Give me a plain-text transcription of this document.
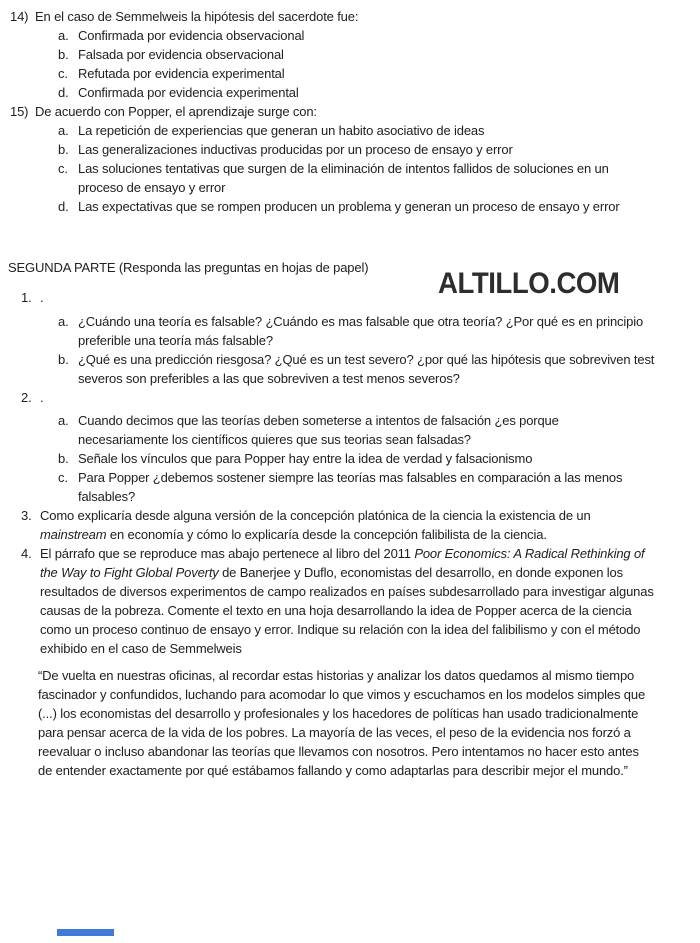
14) En el caso de Semmelweis la hipótesis del sacerdote fue:
a. Confirmada por evidencia observacional
b. Falsada por evidencia observacional
c. Refutada por evidencia experimental
d. Confirmada por evidencia experimental
15) De acuerdo con Popper, el aprendizaje surge con:
a. La repetición de experiencias que generan un habito asociativo de ideas
b. Las generalizaciones inductivas producidas por un proceso de ensayo y error
c. Las soluciones tentativas que surgen de la eliminación de intentos fallidos de soluciones en un
proceso de ensayo y error
d. Las expectativas que se rompen producen un problema y generan un proceso de ensayo y error
SEGUNDA PARTE (Responda las preguntas en hojas de papel)
1. .
a. ¿Cuándo una teoría es falsable? ¿Cuándo es mas falsable que otra teoría? ¿Por qué es en principio
preferible una teoría más falsable?
b. ¿Qué es una predicción riesgosa? ¿Qué es un test severo? ¿por qué las hipótesis que sobreviven test
severos son preferibles a las que sobreviven a test menos severos?
2. .
a. Cuando decimos que las teorías deben someterse a intentos de falsación ¿es porque
necesariamente los científicos quieres que sus teorias sean falsadas?
b. Señale los vínculos que para Popper hay entre la idea de verdad y falsacionismo
c. Para Popper ¿debemos sostener siempre las teorías mas falsables en comparación a las menos
falsables?
3. Como explicaría desde alguna versión de la concepción platónica de la ciencia la existencia de un
mainstream en economía y cómo lo explicaría desde la concepción falibilista de la ciencia.
4. El párrafo que se reproduce mas abajo pertenece al libro del 2011 Poor Economics: A Radical Rethinking of
the Way to Fight Global Poverty de Banerjee y Duflo, economistas del desarrollo, en donde exponen los
resultados de diversos experimentos de campo realizados en países subdesarrollado para investigar algunas
causas de la pobreza. Comente el texto en una hoja desarrollando la idea de Popper acerca de la ciencia
como un proceso continuo de ensayo y error. Indique su relación con la idea del falibilismo y con el método
exhibido en el caso de Semmelweis
“De vuelta en nuestras oficinas, al recordar estas historias y analizar los datos quedamos al mismo tiempo
fascinador y confundidos, luchando para acomodar lo que vimos y escuchamos en los modelos simples que
(...) los economistas del desarrollo y profesionales y los hacedores de políticas han usado tradicionalmente
para pensar acerca de la vida de los pobres. La mayoría de las veces, el peso de la evidencia nos forzó a
reevaluar o incluso abandonar las teorías que llevamos con nosotros. Pero intentamos no hacer esto antes
de entender exactamente por qué estábamos fallando y como adaptarlas para describir mejor el mundo.”
ALTILLO.COM
